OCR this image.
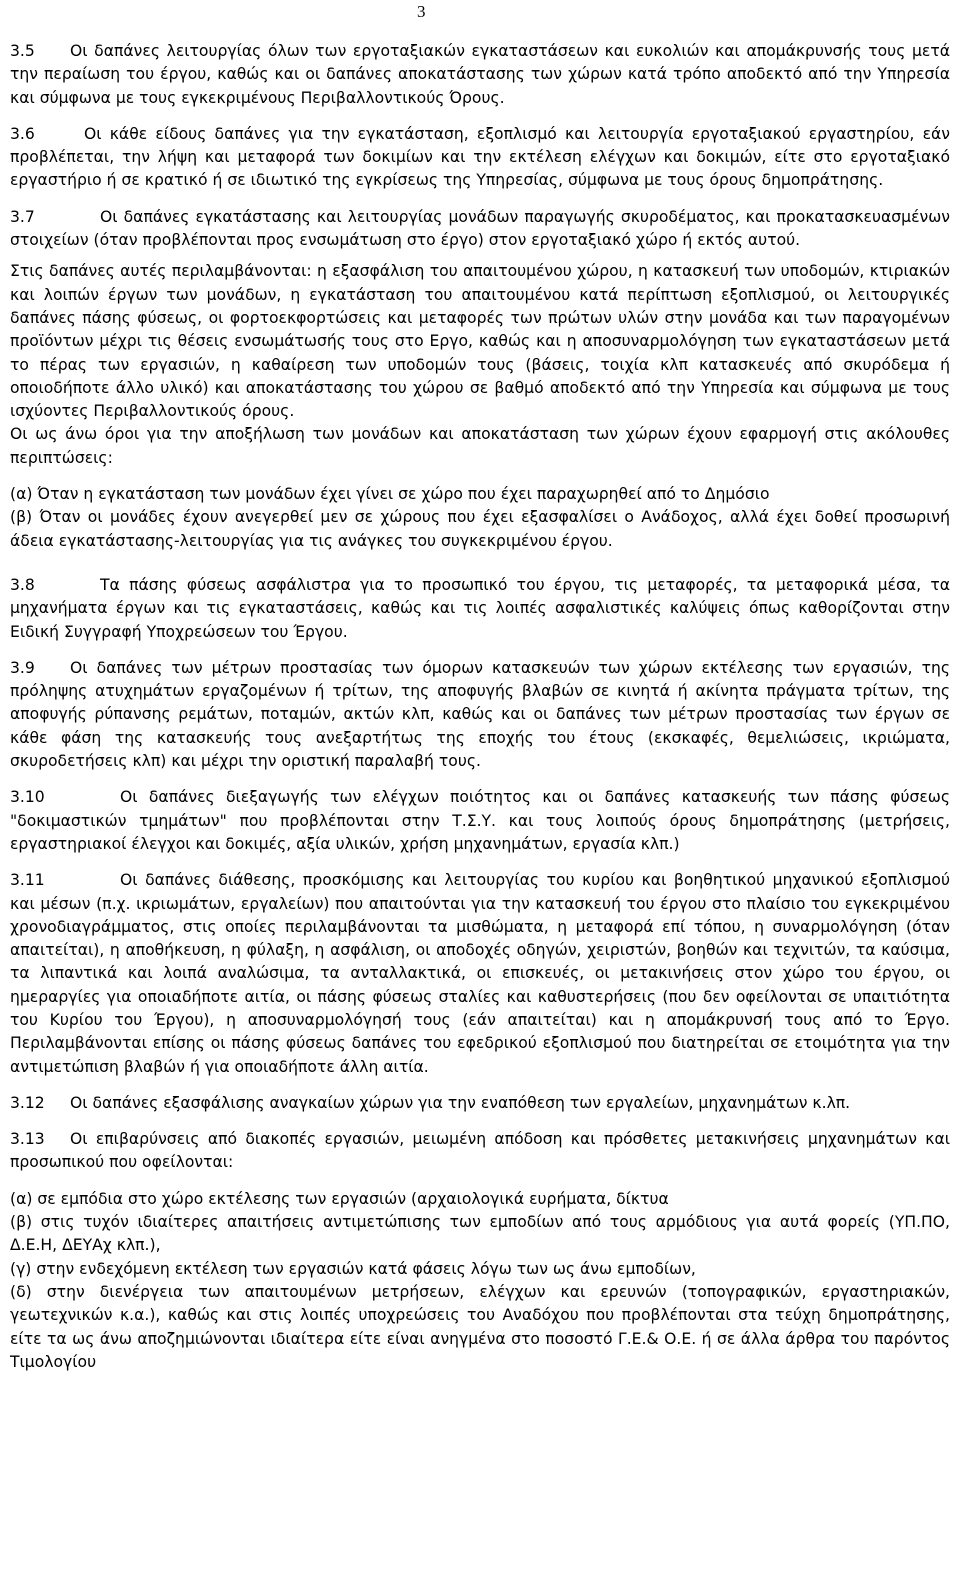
3

3.5 Οι δαπάνες λειτουργίας όλων των εργοταξιακών εγκαταστάσεων και ευκολιών και απομάκρυνσής τους μετά την περαίωση του έργου, καθώς και οι δαπάνες αποκατάστασης των χώρων κατά τρόπο αποδεκτό από την Υπηρεσία και σύμφωνα με τους εγκεκριμένους Περιβαλλοντικούς Όρους.

3.6	Οι κάθε είδους δαπάνες για την εγκατάσταση, εξοπλισμό και λειτουργία εργοταξιακού εργαστηρίου, εάν προβλέπεται, την λήψη και μεταφορά των δοκιμίων και την εκτέλεση ελέγχων και δοκιμών, είτε στο εργοταξιακό εργαστήριο ή σε κρατικό ή σε ιδιωτικό της εγκρίσεως της Υπηρεσίας, σύμφωνα με τους όρους δημοπράτησης.

3.7	Οι δαπάνες εγκατάστασης και λειτουργίας μονάδων παραγωγής σκυροδέματος, και προκατασκευασμένων στοιχείων (όταν προβλέπονται προς ενσωμάτωση στο έργο) στον εργοταξιακό χώρο ή εκτός αυτού.

Στις δαπάνες αυτές περιλαμβάνονται: η εξασφάλιση του απαιτουμένου χώρου, η κατασκευή των υποδομών, κτιριακών και λοιπών έργων των μονάδων, η εγκατάσταση του απαιτουμένου κατά περίπτωση εξοπλισμού, οι λειτουργικές δαπάνες πάσης φύσεως, οι φορτοεκφορτώσεις και μεταφορές των πρώτων υλών στην μονάδα και των παραγομένων προϊόντων μέχρι τις θέσεις ενσωμάτωσής τους στο Εργο, καθώς και η αποσυναρμολόγηση των εγκαταστάσεων μετά το πέρας των εργασιών, η καθαίρεση των υποδομών τους (βάσεις, τοιχία κλπ κατασκευές από σκυρόδεμα ή οποιοδήποτε άλλο υλικό) και αποκατάστασης του χώρου σε βαθμό αποδεκτό από την Υπηρεσία και σύμφωνα με τους ισχύοντες Περιβαλλοντικούς όρους.

Οι ως άνω όροι για την αποξήλωση των μονάδων και αποκατάσταση των χώρων έχουν εφαρμογή στις ακόλουθες περιπτώσεις:

(α) Όταν η εγκατάσταση των μονάδων έχει γίνει σε χώρο που έχει παραχωρηθεί από το Δημόσιο
(β) Όταν οι μονάδες έχουν ανεγερθεί μεν σε χώρους που έχει εξασφαλίσει ο Ανάδοχος, αλλά έχει δοθεί προσωρινή άδεια εγκατάστασης-λειτουργίας για τις ανάγκες του συγκεκριμένου έργου.

3.8	Τα πάσης φύσεως ασφάλιστρα για το προσωπικό του έργου, τις μεταφορές, τα μεταφορικά μέσα, τα μηχανήματα έργων και τις εγκαταστάσεις, καθώς και τις λοιπές ασφαλιστικές καλύψεις όπως καθορίζονται στην Ειδική Συγγραφή Υποχρεώσεων του Έργου.

3.9 Οι δαπάνες των μέτρων προστασίας των όμορων κατασκευών των χώρων εκτέλεσης των εργασιών, της πρόληψης ατυχημάτων εργαζομένων ή τρίτων, της αποφυγής βλαβών σε κινητά ή ακίνητα πράγματα τρίτων, της αποφυγής ρύπανσης ρεμάτων, ποταμών, ακτών κλπ, καθώς και οι δαπάνες των μέτρων προστασίας των έργων σε κάθε φάση της κατασκευής τους ανεξαρτήτως της εποχής του έτους (εκσκαφές, θεμελιώσεις, ικριώματα, σκυροδετήσεις κλπ) και μέχρι την οριστική παραλαβή τους.

3.10	Οι δαπάνες διεξαγωγής των ελέγχων ποιότητος και οι δαπάνες κατασκευής των πάσης φύσεως "δοκιμαστικών τμημάτων" που προβλέπονται στην Τ.Σ.Υ. και τους λοιπούς όρους δημοπράτησης (μετρήσεις, εργαστηριακοί έλεγχοι και δοκιμές, αξία υλικών, χρήση μηχανημάτων, εργασία κλπ.)

3.11	Οι δαπάνες διάθεσης, προσκόμισης και λειτουργίας του κυρίου και βοηθητικού μηχανικού εξοπλισμού και μέσων (π.χ. ικριωμάτων, εργαλείων) που απαιτούνται για την κατασκευή του έργου στο πλαίσιο του εγκεκριμένου χρονοδιαγράμματος, στις οποίες περιλαμβάνονται τα μισθώματα, η μεταφορά επί τόπου, η συναρμολόγηση (όταν απαιτείται), η αποθήκευση, η φύλαξη, η ασφάλιση, οι αποδοχές οδηγών, χειριστών, βοηθών και τεχνιτών, τα καύσιμα, τα λιπαντικά και λοιπά αναλώσιμα, τα ανταλλακτικά, οι επισκευές, οι μετακινήσεις στον χώρο του έργου, οι ημεραργίες για οποιαδήποτε αιτία, οι πάσης φύσεως σταλίες και καθυστερήσεις (που δεν οφείλονται σε υπαιτιότητα του Κυρίου του Έργου), η αποσυναρμολόγησή τους (εάν απαιτείται) και η απομάκρυνσή τους από το Έργο. Περιλαμβάνονται επίσης οι πάσης φύσεως δαπάνες του εφεδρικού εξοπλισμού που διατηρείται σε ετοιμότητα για την αντιμετώπιση βλαβών ή για οποιαδήποτε άλλη αιτία.

3.12 Οι δαπάνες εξασφάλισης αναγκαίων χώρων για την εναπόθεση των εργαλείων, μηχανημάτων κ.λπ.

3.13 Οι επιβαρύνσεις από διακοπές εργασιών, μειωμένη απόδοση και πρόσθετες μετακινήσεις μηχανημάτων και προσωπικού που οφείλονται:

(α) σε εμπόδια στο χώρο εκτέλεσης των εργασιών (αρχαιολογικά ευρήματα, δίκτυα
(β) στις τυχόν ιδιαίτερες απαιτήσεις αντιμετώπισης των εμποδίων από τους αρμόδιους για αυτά φορείς (ΥΠ.ΠΟ, Δ.Ε.Η, ΔΕΥΑχ κλπ.),
(γ) στην ενδεχόμενη εκτέλεση των εργασιών κατά φάσεις λόγω των ως άνω εμποδίων,
(δ) στην διενέργεια των απαιτουμένων μετρήσεων, ελέγχων και ερευνών (τοπογραφικών, εργαστηριακών, γεωτεχνικών κ.α.), καθώς και στις λοιπές υποχρεώσεις του Αναδόχου που προβλέπονται στα τεύχη δημοπράτησης, είτε τα ως άνω αποζημιώνονται ιδιαίτερα είτε είναι ανηγμένα στο ποσοστό Γ.Ε.& Ο.Ε. ή σε άλλα άρθρα του παρόντος Τιμολογίου
